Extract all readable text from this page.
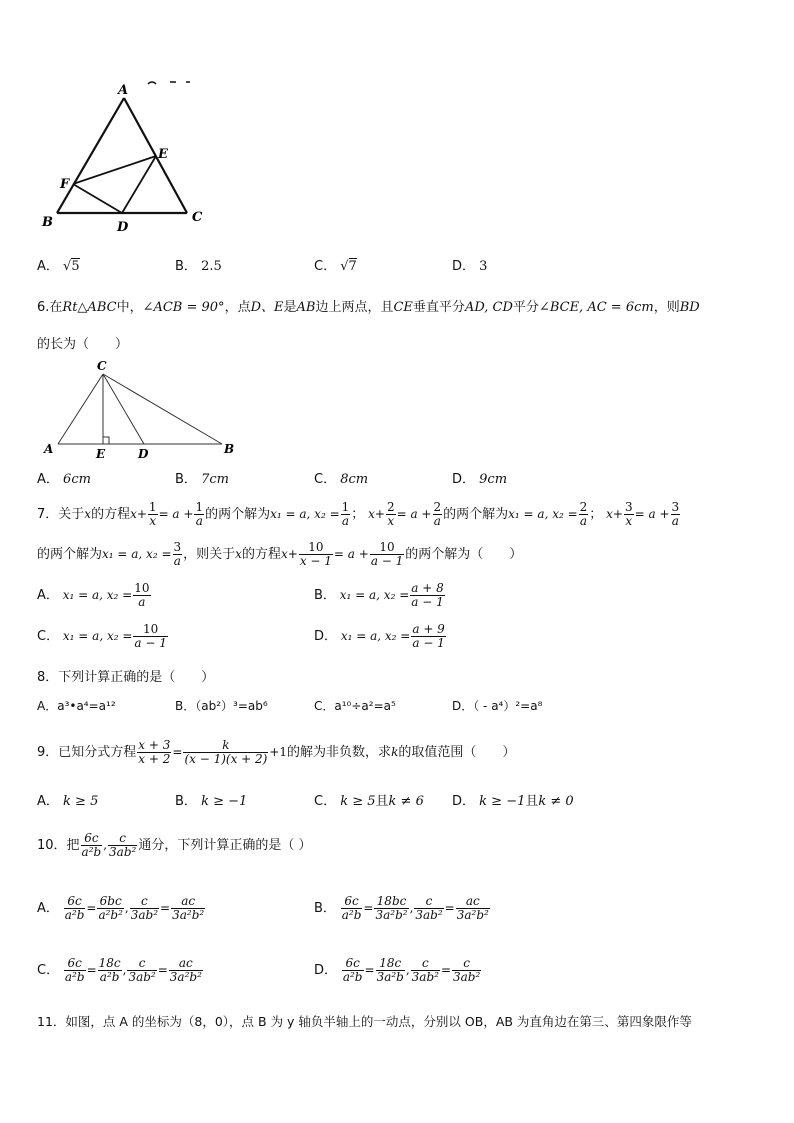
A
E
F
B	D
C
A． √5	B． 2.5	C． √7	D． 3
6.在Rt△ABC中，∠ACB = 90°，点D、E是AB边上两点，且CE垂直平分AD, CD平分∠BCE, AC = 6cm，则BD
的长为（　　）
C
A	E	D	B
A． 6cm	B． 7cm	C． 8cm	D． 9cm
7．关于x的方程$x+ \frac{1}{x} = a + \frac{1}{a}$ 的两个解为x₁ = a, $x_2 = \frac{1}{a}$ ； $x+ \frac{2}{x} = a + \frac{2}{a}$ 的两个解为x₁ = a, $x_2 = \frac{2}{a}$ ； $x+ \frac{3}{x} = a + \frac{3}{a}$
的两个解为x₁ = a, $x_2 = \frac{3}{a}$ ，则关于x的方程$x+ \frac{10}{x - 1} = a + \frac{10}{a - 1}$ 的两个解为（　　）
A． x₁ = a, $x_2 = \frac{10}{a}$	B． x₁ = a, $x_2 = \frac{a + 8}{a - 1}$
C． x₁ = a, $x_2 = \frac{10}{a - 1}$	D． x₁ = a, $x_2 = \frac{a + 9}{a - 1}$
8．下列计算正确的是（　　）
A．a³•a⁴=a¹²	B．（ab²）³=ab⁶	C．a¹⁰÷a²=a⁵	D．（ - a⁴）²=a⁸
9．已知分式方程 $\frac{x + 3}{x + 2} = \frac{k}{(x - 1)(x + 2)} +1$的解为非负数，求k的取值范围（　　）
A． k ≥ 5	B． k ≥ −1	C． k ≥ 5且k ≠ 6 D． k ≥ −1且k ≠ 0
10．把 $\frac{6c}{\text{a²b}}$ , $\frac{c}{\text{3ab²}}$ 通分，下列计算正确的是（ ）
A． $\frac{6c}{\text{a²b}} = \frac{6bc}{\text{a²b²}}$ , $\frac{c}{\text{3ab²}} = \frac{ac}{\text{3a²b²}}$	B． $\frac{6c}{\text{a²b}} = \frac{18bc}{\text{3a²b²}}$ , $\frac{c}{\text{3ab²}} = \frac{ac}{\text{3a²b²}}$
C． $\frac{6c}{\text{a²b}} = \frac{18c}{\text{a²b}}$ , $\frac{c}{\text{3ab²}} = \frac{ac}{\text{3a²b²}}$	D． $\frac{6c}{\text{a²b}} = \frac{18c}{\text{3a²b}}$ , $\frac{c}{\text{3ab²}} = \frac{c}{\text{3ab²}}$
11．如图，点 A 的坐标为（8，0），点 B 为 y 轴负半轴上的一动点，分别以 OB，AB 为直角边在第三、第四象限作等
